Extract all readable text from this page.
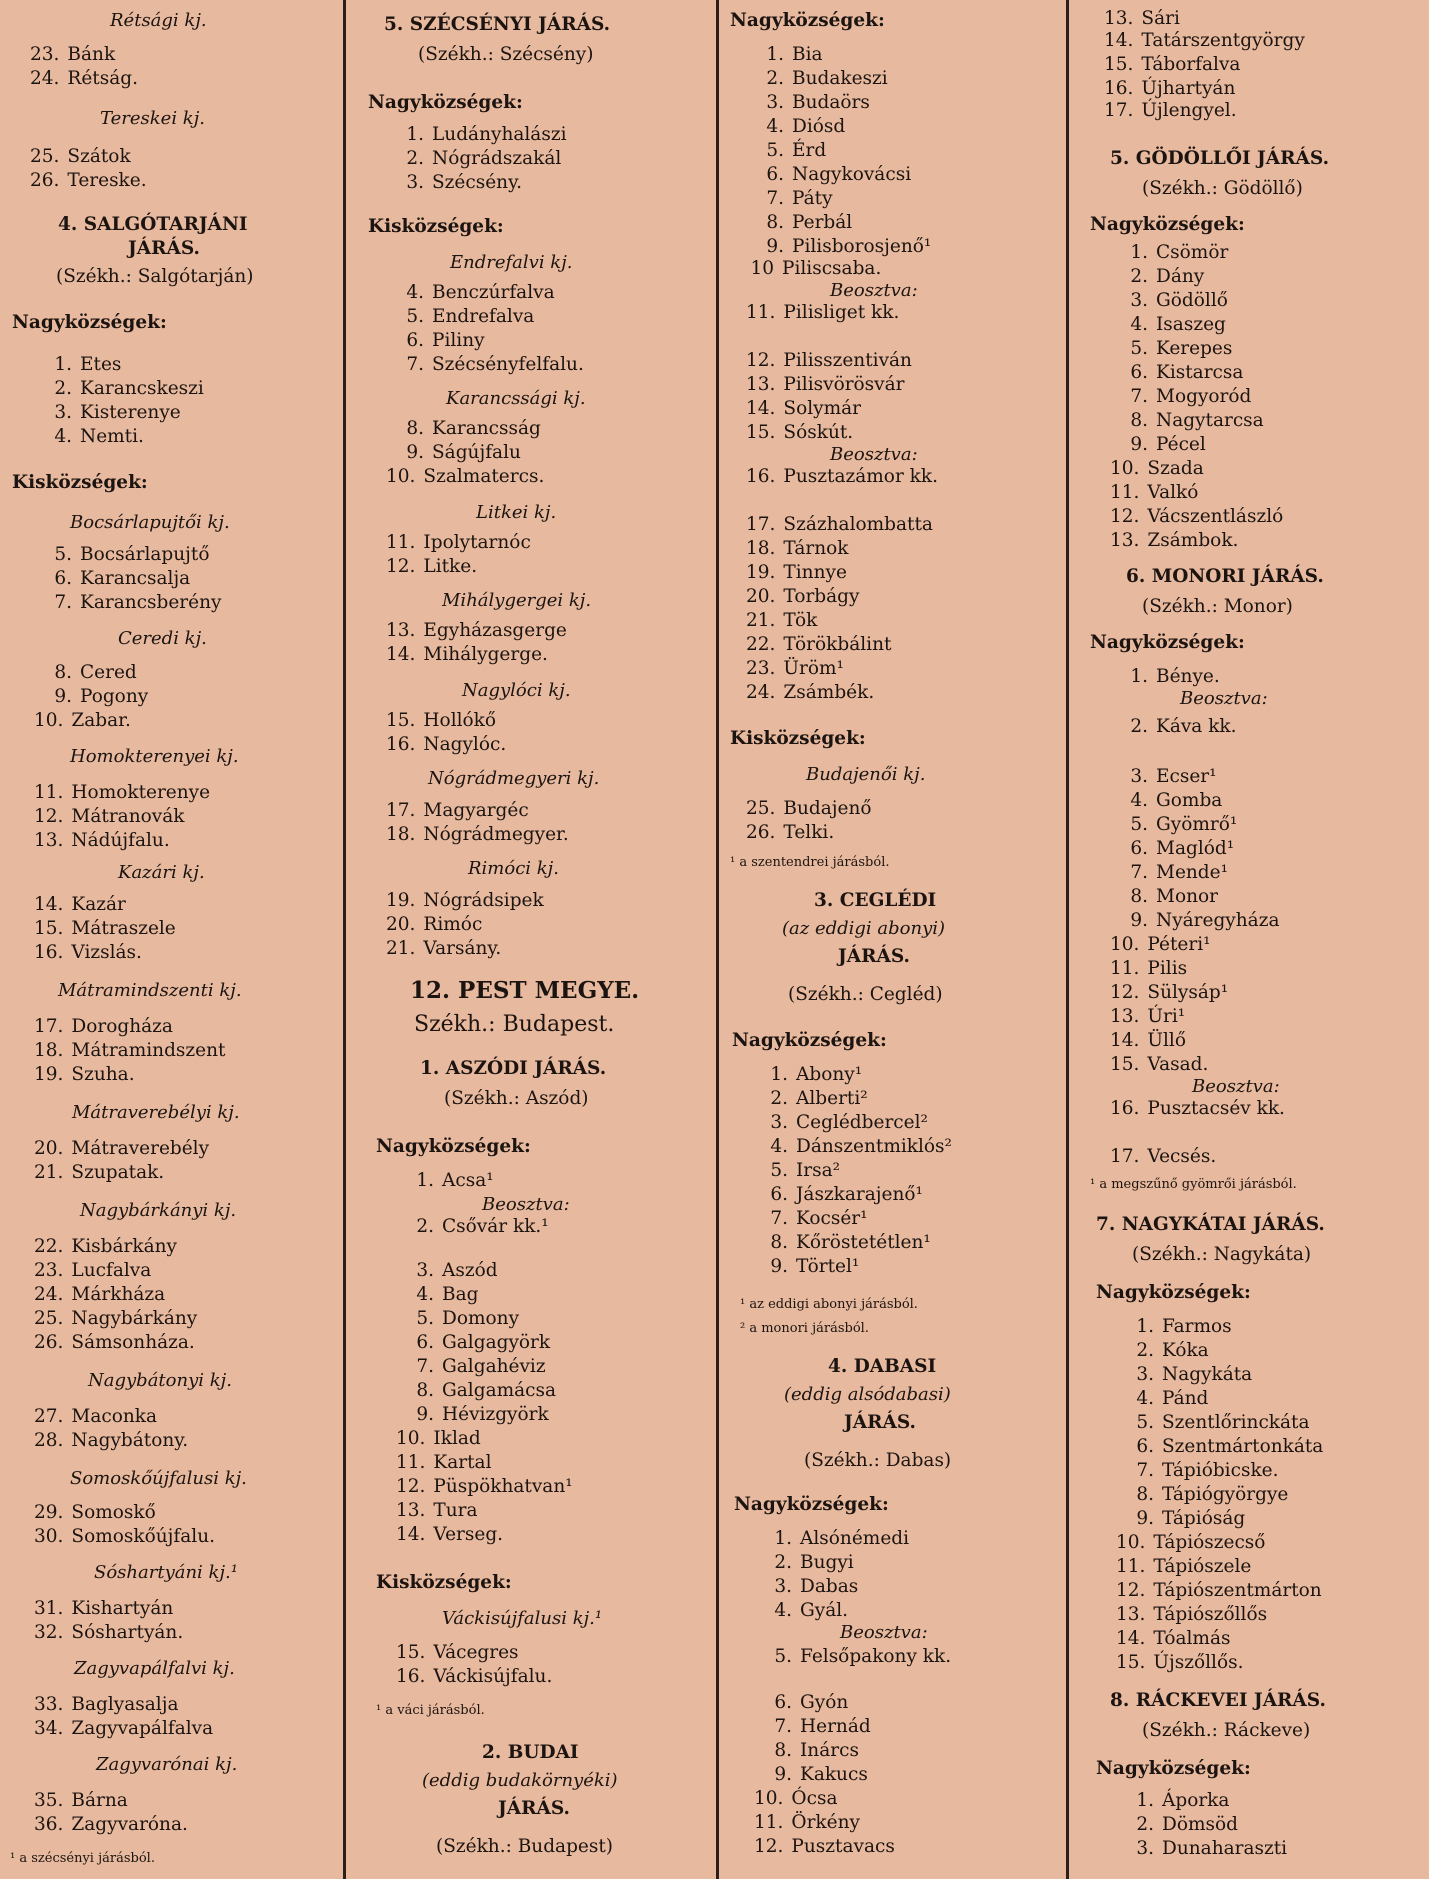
Rétsági kj.
23. Bánk
24. Rétság.
Tereskei kj.
25. Szátok
26. Tereske.
4. SALGÓTARJÁNI
JÁRÁS.
(Székh.: Salgótarján)
Nagyközségek:
1. Etes
2. Karancskeszi
3. Kisterenye
4. Nemti.
Kisközségek:
Bocsárlapujtői kj.
5. Bocsárlapujtő
6. Karancsalja
7. Karancsberény
Ceredi kj.
8. Cered
9. Pogony
10. Zabar.
Homokterenyei kj.
11. Homokterenye
12. Mátranovák
13. Nádújfalu.
Kazári kj.
14. Kazár
15. Mátraszele
16. Vizslás.
Mátramindszenti kj.
17. Dorogháza
18. Mátramindszent
19. Szuha.
Mátraverebélyi kj.
20. Mátraverebély
21. Szupatak.
Nagybárkányi kj.
22. Kisbárkány
23. Lucfalva
24. Márkháza
25. Nagybárkány
26. Sámsonháza.
Nagybátonyi kj.
27. Maconka
28. Nagybátony.
Somoskőújfalusi kj.
29. Somoskő
30. Somoskőújfalu.
Sóshartyáni kj.¹
31. Kishartyán
32. Sóshartyán.
Zagyvapálfalvi kj.
33. Baglyasalja
34. Zagyvapálfalva
Zagyvarónai kj.
35. Bárna
36. Zagyvaróna.
¹ a szécsényi járásból.
5. SZÉCSÉNYI JÁRÁS.
(Székh.: Szécsény)
Nagyközségek:
1. Ludányhalászi
2. Nógrádszakál
3. Szécsény.
Kisközségek:
Endrefalvi kj.
4. Benczúrfalva
5. Endrefalva
6. Piliny
7. Szécsényfelfalu.
Karancssági kj.
8. Karancsság
9. Ságújfalu
10. Szalmatercs.
Litkei kj.
11. Ipolytarnóc
12. Litke.
Mihálygergei kj.
13. Egyházasgerge
14. Mihálygerge.
Nagylóci kj.
15. Hollókő
16. Nagylóc.
Nógrádmegyeri kj.
17. Magyargéc
18. Nógrádmegyer.
Rimóci kj.
19. Nógrádsipek
20. Rimóc
21. Varsány.
12. PEST MEGYE.
Székh.: Budapest.
1. ASZÓDI JÁRÁS.
(Székh.: Aszód)
Nagyközségek:
1. Acsa¹
Beosztva:
2. Csővár kk.¹
3. Aszód
4. Bag
5. Domony
6. Galgagyörk
7. Galgahéviz
8. Galgamácsa
9. Hévizgyörk
10. Iklad
11. Kartal
12. Püspökhatvan¹
13. Tura
14. Verseg.
Kisközségek:
Váckisújfalusi kj.¹
15. Vácegres
16. Váckisújfalu.
¹ a váci járásból.
2. BUDAI
(eddig budakörnyéki)
JÁRÁS.
(Székh.: Budapest)
Nagyközségek:
1. Bia
2. Budakeszi
3. Budaörs
4. Diósd
5. Érd
6. Nagykovácsi
7. Páty
8. Perbál
9. Pilisborosjenő¹
10 Piliscsaba.
Beosztva:
11. Pilisliget kk.
12. Pilisszentiván
13. Pilisvörösvár
14. Solymár
15. Sóskút.
Beosztva:
16. Pusztazámor kk.
17. Százhalombatta
18. Tárnok
19. Tinnye
20. Torbágy
21. Tök
22. Törökbálint
23. Üröm¹
24. Zsámbék.
Kisközségek:
Budajenői kj.
25. Budajenő
26. Telki.
¹ a szentendrei járásból.
3. CEGLÉDI
(az eddigi abonyi)
JÁRÁS.
(Székh.: Cegléd)
Nagyközségek:
1. Abony¹
2. Alberti²
3. Ceglédbercel²
4. Dánszentmiklós²
5. Irsa²
6. Jászkarajenő¹
7. Kocsér¹
8. Kőröstetétlen¹
9. Törtel¹
¹ az eddigi abonyi járásból.
² a monori járásból.
4. DABASI
(eddig alsódabasi)
JÁRÁS.
(Székh.: Dabas)
Nagyközségek:
1. Alsónémedi
2. Bugyi
3. Dabas
4. Gyál.
Beosztva:
5. Felsőpakony kk.
6. Gyón
7. Hernád
8. Inárcs
9. Kakucs
10. Ócsa
11. Örkény
12. Pusztavacs
13. Sári
14. Tatárszentgyörgy
15. Táborfalva
16. Újhartyán
17. Újlengyel.
5. GÖDÖLLŐI JÁRÁS.
(Székh.: Gödöllő)
Nagyközségek:
1. Csömör
2. Dány
3. Gödöllő
4. Isaszeg
5. Kerepes
6. Kistarcsa
7. Mogyoród
8. Nagytarcsa
9. Pécel
10. Szada
11. Valkó
12. Vácszentlászló
13. Zsámbok.
6. MONORI JÁRÁS.
(Székh.: Monor)
Nagyközségek:
1. Bénye.
Beosztva:
2. Káva kk.
3. Ecser¹
4. Gomba
5. Gyömrő¹
6. Maglód¹
7. Mende¹
8. Monor
9. Nyáregyháza
10. Péteri¹
11. Pilis
12. Sülysáp¹
13. Úri¹
14. Üllő
15. Vasad.
Beosztva:
16. Pusztacsév kk.
17. Vecsés.
¹ a megszűnő gyömrői járásból.
7. NAGYKÁTAI JÁRÁS.
(Székh.: Nagykáta)
Nagyközségek:
1. Farmos
2. Kóka
3. Nagykáta
4. Pánd
5. Szentlőrinckáta
6. Szentmártonkáta
7. Tápióbicske.
8. Tápiógyörgye
9. Tápióság
10. Tápiószecső
11. Tápiószele
12. Tápiószentmárton
13. Tápiószőllős
14. Tóalmás
15. Újszőllős.
8. RÁCKEVEI JÁRÁS.
(Székh.: Ráckeve)
Nagyközségek:
1. Áporka
2. Dömsöd
3. Dunaharaszti
